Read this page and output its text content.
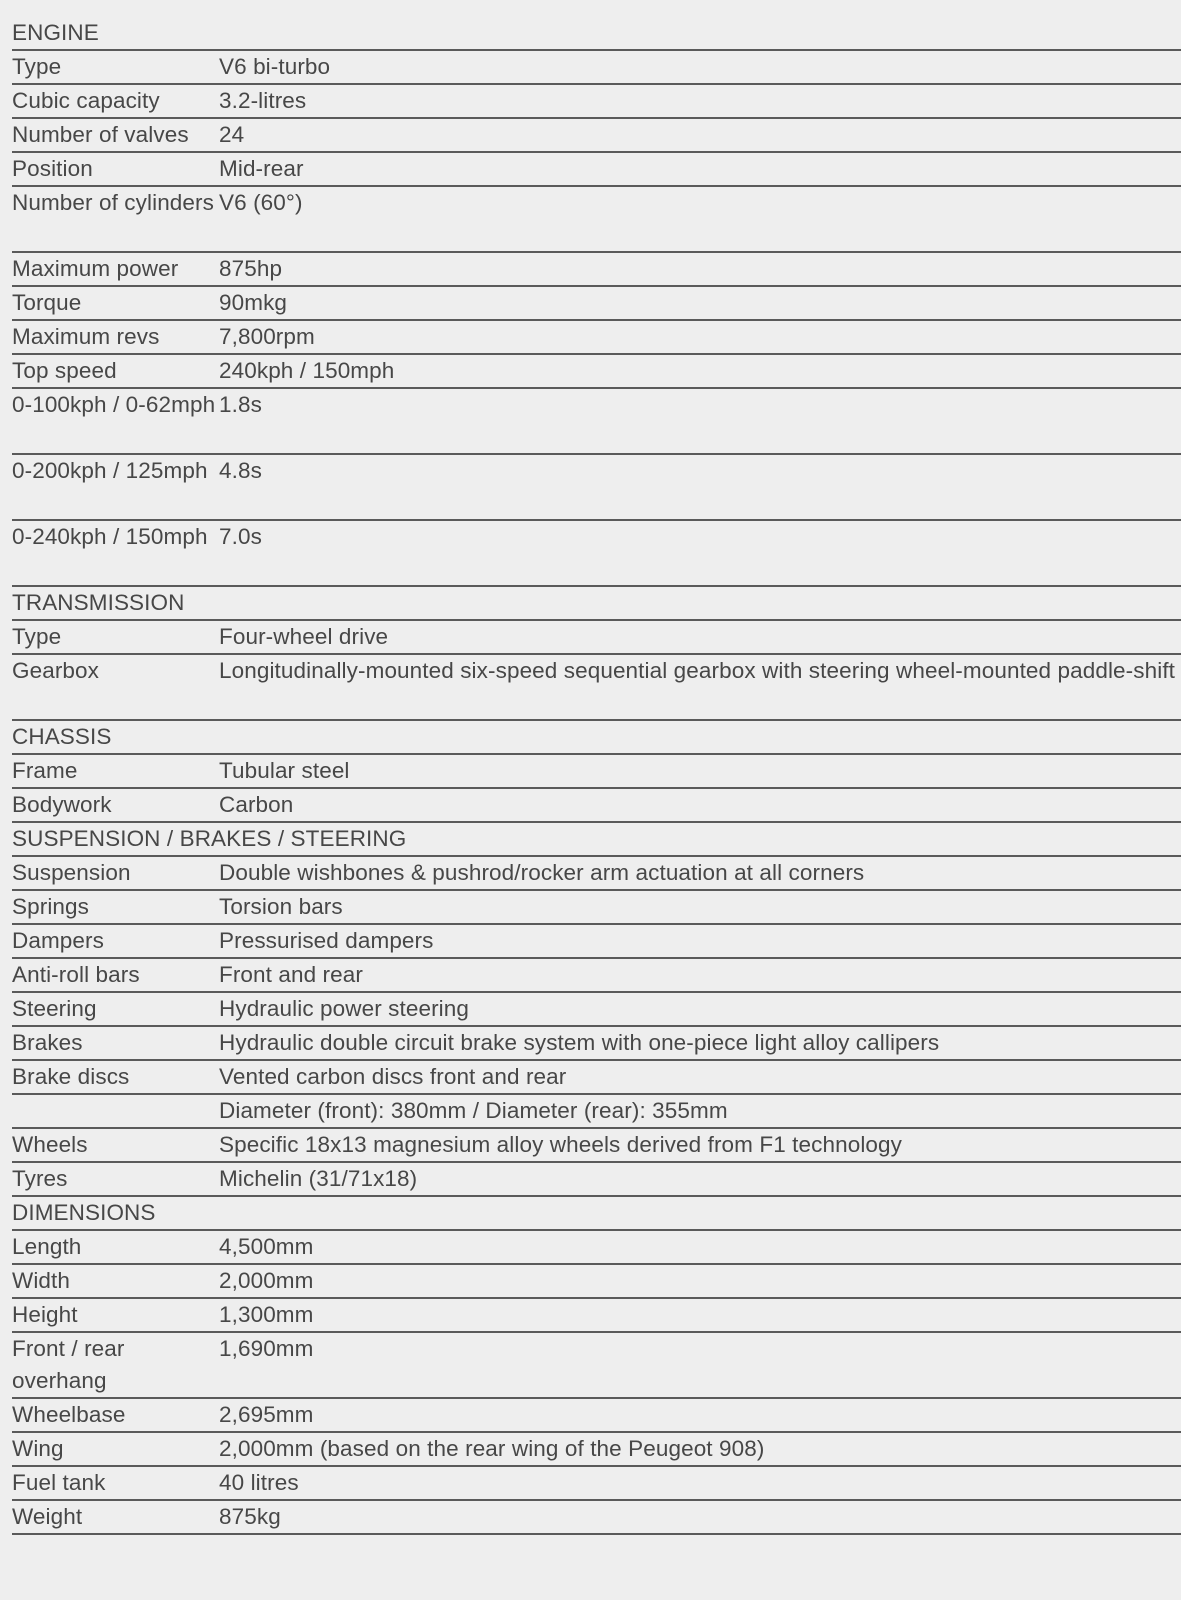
ENGINE	
Type	V6 bi-turbo
Cubic capacity	3.2-litres
Number of valves	24
Position	Mid-rear
Number of cylinders	V6 (60°)
Maximum power	875hp
Torque	90mkg
Maximum revs	7,800rpm
Top speed	240kph / 150mph
0-100kph / 0-62mph	1.8s
0-200kph / 125mph	4.8s
0-240kph / 150mph	7.0s
TRANSMISSION	
Type	Four-wheel drive
Gearbox	Longitudinally-mounted six-speed sequential gearbox with steering wheel-mounted paddle-shift
CHASSIS	
Frame	Tubular steel
Bodywork	Carbon
SUSPENSION / BRAKES / STEERING	
Suspension	Double wishbones & pushrod/rocker arm actuation at all corners
Springs	Torsion bars
Dampers	Pressurised dampers
Anti-roll bars	Front and rear
Steering	Hydraulic power steering
Brakes	Hydraulic double circuit brake system with one-piece light alloy callipers
Brake discs	Vented carbon discs front and rear
	Diameter (front): 380mm / Diameter (rear): 355mm
Wheels	Specific 18x13 magnesium alloy wheels derived from F1 technology
Tyres	Michelin (31/71x18)
DIMENSIONS	
Length	4,500mm
Width	2,000mm
Height	1,300mm
Front / rear overhang	1,690mm
Wheelbase	2,695mm
Wing	2,000mm (based on the rear wing of the Peugeot 908)
Fuel tank	40 litres
Weight	875kg
